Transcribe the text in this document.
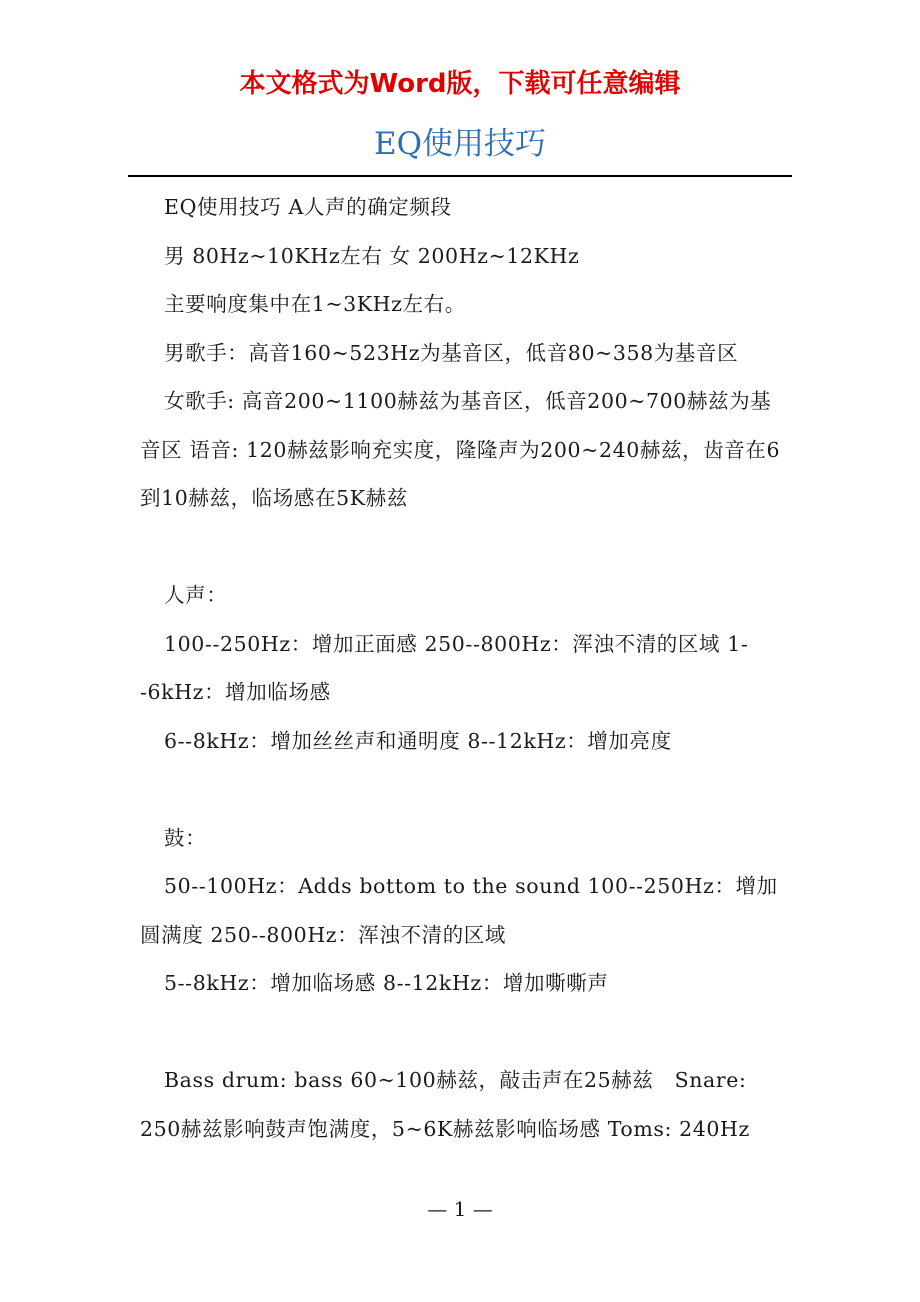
本文格式为Word版，下载可任意编辑
EQ使用技巧

EQ使用技巧 A人声的确定频段

男 80Hz~10KHz左右 女 200Hz~12KHz

主要响度集中在1~3KHz左右。

男歌手：高音160~523Hz为基音区，低音80~358为基音区

女歌手: 高音200~1100赫兹为基音区，低音200~700赫兹为基音区 语音: 120赫兹影响充实度，隆隆声为200~240赫兹，齿音在6到10赫兹，临场感在5K赫兹

人声：

100--250Hz：增加正面感 250--800Hz：浑浊不清的区域 1--6kHz：增加临场感

6--8kHz：增加丝丝声和通明度 8--12kHz：增加亮度

鼓：

50--100Hz：Adds bottom to the sound 100--250Hz：增加圆满度 250--800Hz：浑浊不清的区域

5--8kHz：增加临场感 8--12kHz：增加嘶嘶声

Bass drum: bass 60~100赫兹，敲击声在25赫兹　Snare: 250赫兹影响鼓声饱满度，5~6K赫兹影响临场感 Toms: 240Hz

— 1 —
